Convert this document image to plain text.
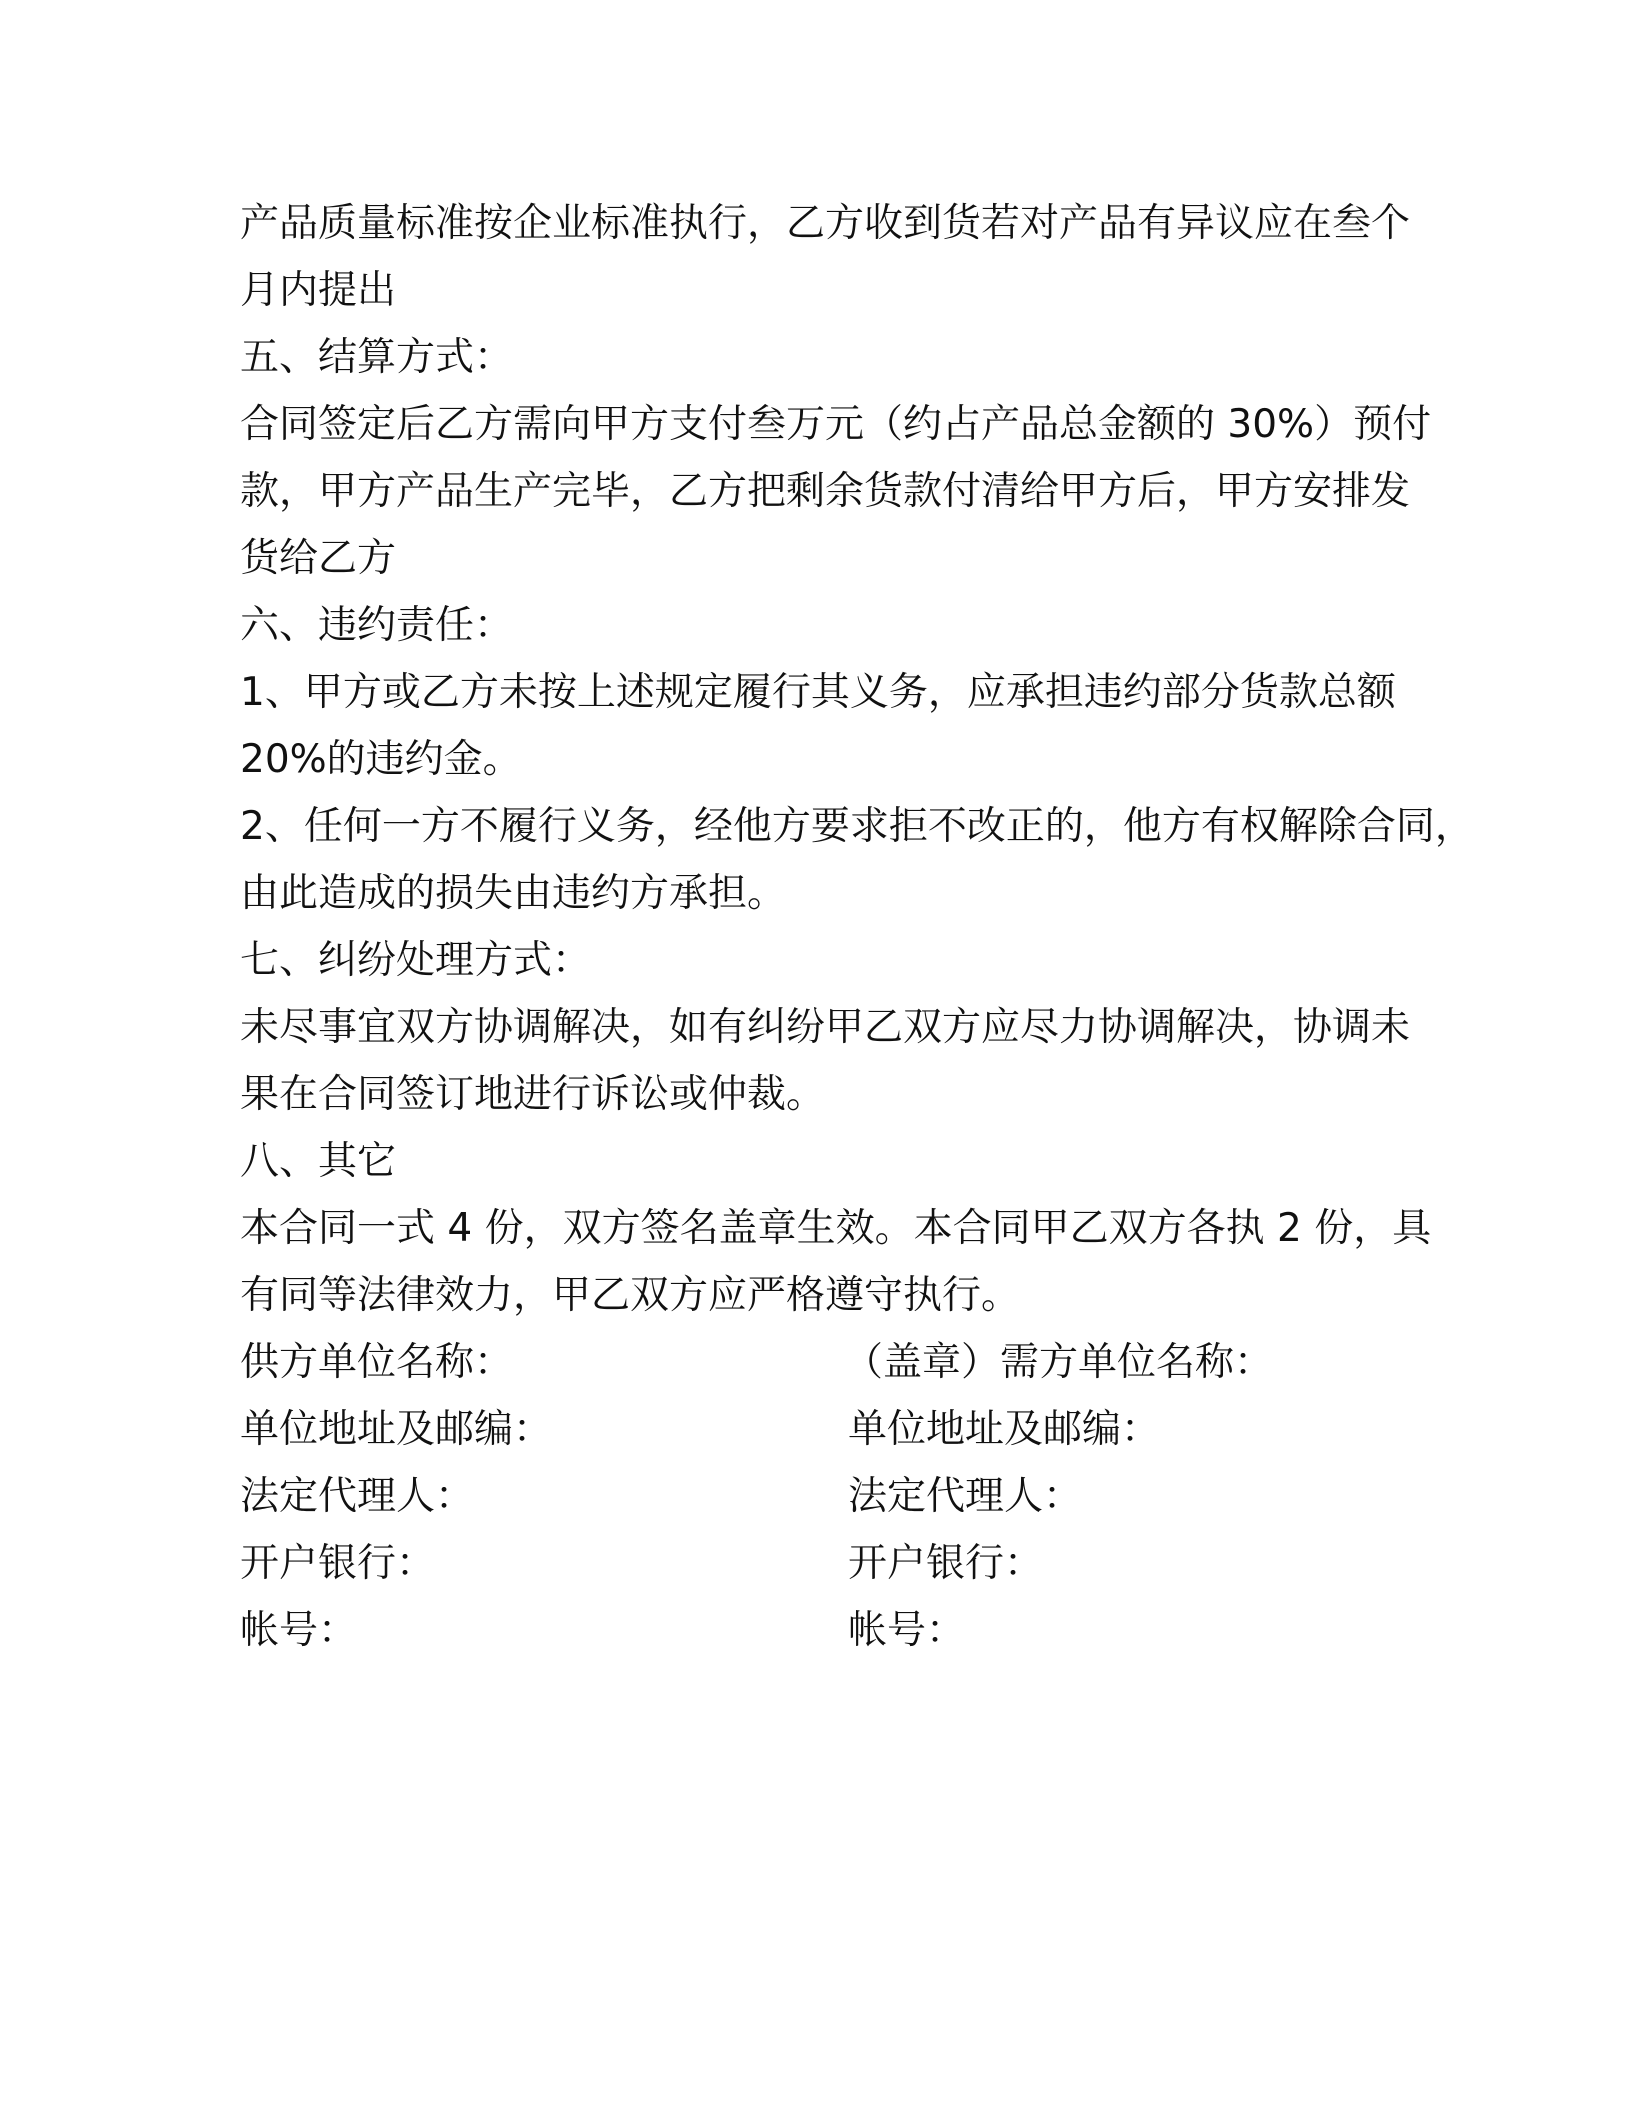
产品质量标准按企业标准执行，乙方收到货若对产品有异议应在叁个
月内提出
五、结算方式：
合同签定后乙方需向甲方支付叁万元（约占产品总金额的 30%）预付
款，甲方产品生产完毕，乙方把剩余货款付清给甲方后，甲方安排发
货给乙方
六、违约责任：
1、甲方或乙方未按上述规定履行其义务，应承担违约部分货款总额
20%的违约金。
2、任何一方不履行义务，经他方要求拒不改正的，他方有权解除合同，
由此造成的损失由违约方承担。
七、纠纷处理方式：
未尽事宜双方协调解决，如有纠纷甲乙双方应尽力协调解决，协调未
果在合同签订地进行诉讼或仲裁。
八、其它
本合同一式 4 份，双方签名盖章生效。本合同甲乙双方各执 2 份，具
有同等法律效力，甲乙双方应严格遵守执行。
供方单位名称：	（盖章）需方单位名称：
单位地址及邮编：	单位地址及邮编：
法定代理人：	法定代理人：
开户银行：	开户银行：
帐号：	帐号：
